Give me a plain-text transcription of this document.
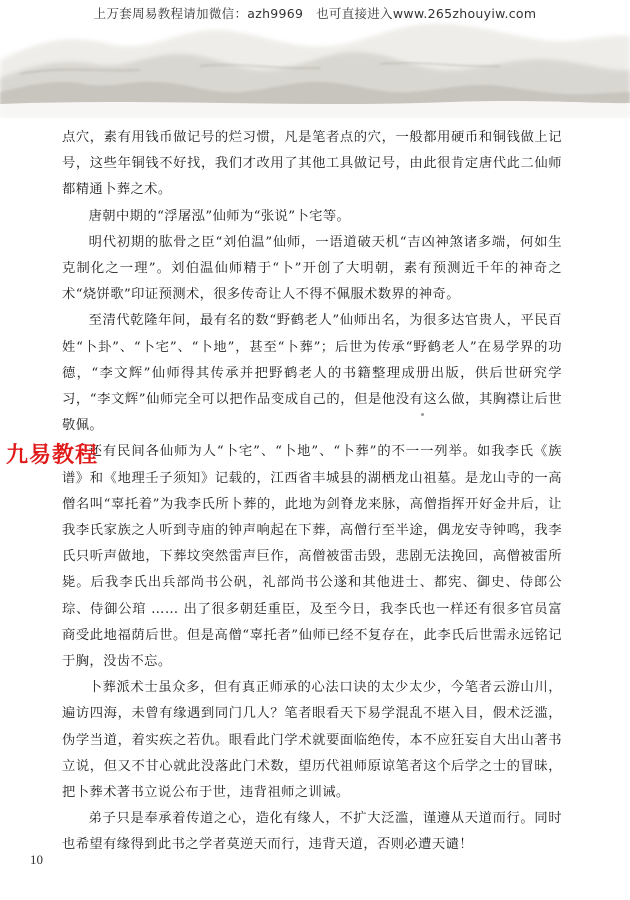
上万套周易教程请加微信：azh9969　也可直接进入www.265zhouyiw.com

点穴，素有用钱币做记号的烂习惯，凡是笔者点的穴，一般都用硬币和铜钱做上记号，这些年铜钱不好找，我们才改用了其他工具做记号，由此很肯定唐代此二仙师都精通卜葬之术。

唐朝中期的“浮屠泓”仙师为“张说”卜宅等。

明代初期的肱骨之臣“刘伯温”仙师，一语道破天机“吉凶神煞诸多端，何如生克制化之一理”。刘伯温仙师精于“卜”开创了大明朝，素有预测近千年的神奇之术“烧饼歌”印证预测术，很多传奇让人不得不佩服术数界的神奇。

至清代乾隆年间，最有名的数“野鹤老人”仙师出名，为很多达官贵人，平民百姓“卜卦”、“卜宅”、“卜地”，甚至“卜葬”；后世为传承“野鹤老人”在易学界的功德，“李文辉”仙师得其传承并把野鹤老人的书籍整理成册出版，供后世研究学习，“李文辉”仙师完全可以把作品变成自己的，但是他没有这么做，其胸襟让后世敬佩。

还有民间各仙师为人“卜宅”、“卜地”、“卜葬”的不一一列举。如我李氏《族谱》和《地理壬子须知》记载的，江西省丰城县的湖栖龙山祖墓。是龙山寺的一高僧名叫“辜托着”为我李氏所卜葬的，此地为剑脊龙来脉，高僧指挥开好金井后，让我李氏家族之人听到寺庙的钟声响起在下葬，高僧行至半途，偶龙安寺钟鸣，我李氏只听声做地，下葬坟突然雷声巨作，高僧被雷击毁，悲剧无法挽回，高僧被雷所毙。后我李氏出兵部尚书公矾，礼部尚书公遂和其他进士、都宪、御史、侍郎公琮、侍御公琯 …… 出了很多朝廷重臣，及至今日，我李氏也一样还有很多官员富商受此地福荫后世。但是高僧“辜托者”仙师已经不复存在，此李氏后世需永远铭记于胸，没齿不忘。

卜葬派术士虽众多，但有真正师承的心法口诀的太少太少，今笔者云游山川，遍访四海，未曾有缘遇到同门几人？笔者眼看天下易学混乱不堪入目，假术泛滥，伪学当道，着实疾之若仇。眼看此门学术就要面临绝传，本不应狂妄自大出山著书立说，但又不甘心就此没落此门术数，望历代祖师原谅笔者这个后学之士的冒昧，把卜葬术著书立说公布于世，违背祖师之训诫。

弟子只是奉承着传道之心，造化有缘人，不扩大泛滥，谨遵从天道而行。同时也希望有缘得到此书之学者莫逆天而行，违背天道，否则必遭天谴！

九易教程
10
